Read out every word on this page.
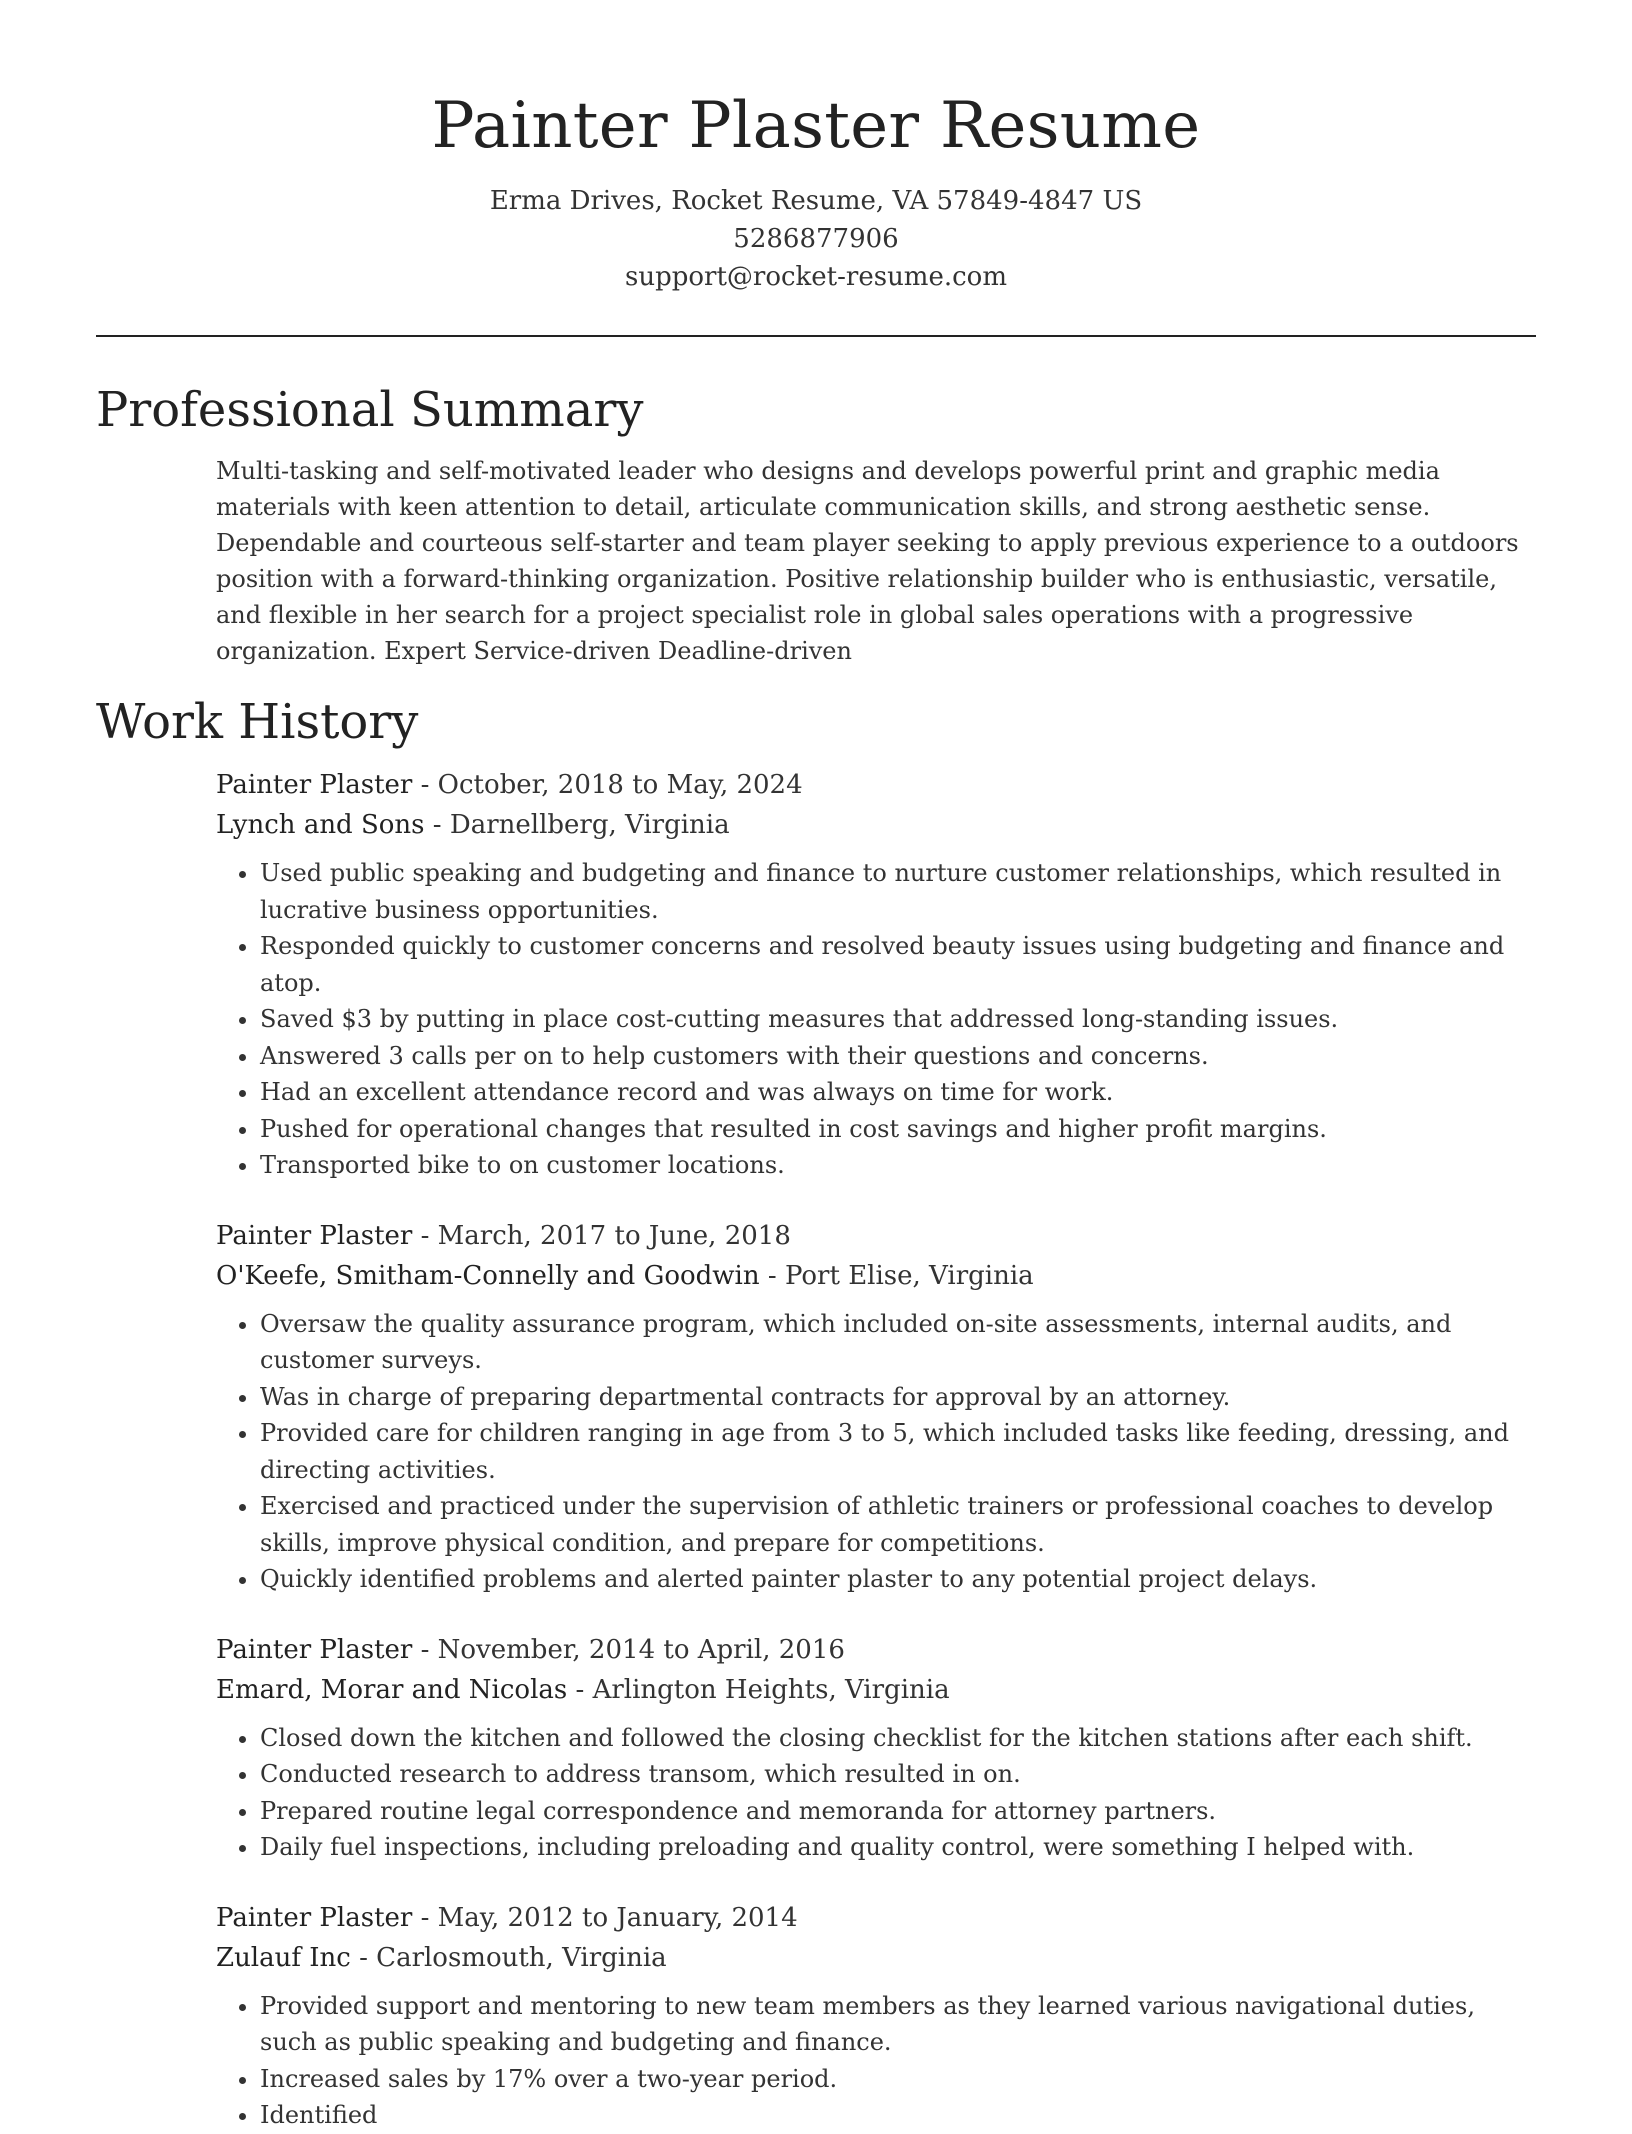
Painter Plaster Resume
Erma Drives, Rocket Resume, VA 57849-4847 US
5286877906
support@rocket-resume.com
Professional Summary

Multi-tasking and self-motivated leader who designs and develops powerful print and graphic media materials with keen attention to detail, articulate communication skills, and strong aesthetic sense. Dependable and courteous self-starter and team player seeking to apply previous experience to a outdoors position with a forward-thinking organization. Positive relationship builder who is enthusiastic, versatile, and flexible in her search for a project specialist role in global sales operations with a progressive organization. Expert Service-driven Deadline-driven

Work History
Painter Plaster - October, 2018 to May, 2024
Lynch and Sons - Darnellberg, Virginia
• Used public speaking and budgeting and finance to nurture customer relationships, which resulted in lucrative business opportunities.
• Responded quickly to customer concerns and resolved beauty issues using budgeting and finance and atop.
• Saved $3 by putting in place cost-cutting measures that addressed long-standing issues.
• Answered 3 calls per on to help customers with their questions and concerns.
• Had an excellent attendance record and was always on time for work.
• Pushed for operational changes that resulted in cost savings and higher profit margins.
• Transported bike to on customer locations.
Painter Plaster - March, 2017 to June, 2018
O'Keefe, Smitham-Connelly and Goodwin - Port Elise, Virginia
• Oversaw the quality assurance program, which included on-site assessments, internal audits, and customer surveys.
• Was in charge of preparing departmental contracts for approval by an attorney.
• Provided care for children ranging in age from 3 to 5, which included tasks like feeding, dressing, and directing activities.
• Exercised and practiced under the supervision of athletic trainers or professional coaches to develop skills, improve physical condition, and prepare for competitions.
• Quickly identified problems and alerted painter plaster to any potential project delays.
Painter Plaster - November, 2014 to April, 2016
Emard, Morar and Nicolas - Arlington Heights, Virginia
• Closed down the kitchen and followed the closing checklist for the kitchen stations after each shift.
• Conducted research to address transom, which resulted in on.
• Prepared routine legal correspondence and memoranda for attorney partners.
• Daily fuel inspections, including preloading and quality control, were something I helped with.
Painter Plaster - May, 2012 to January, 2014
Zulauf Inc - Carlosmouth, Virginia
• Provided support and mentoring to new team members as they learned various navigational duties, such as public speaking and budgeting and finance.
• Increased sales by 17% over a two-year period.
• Identified
